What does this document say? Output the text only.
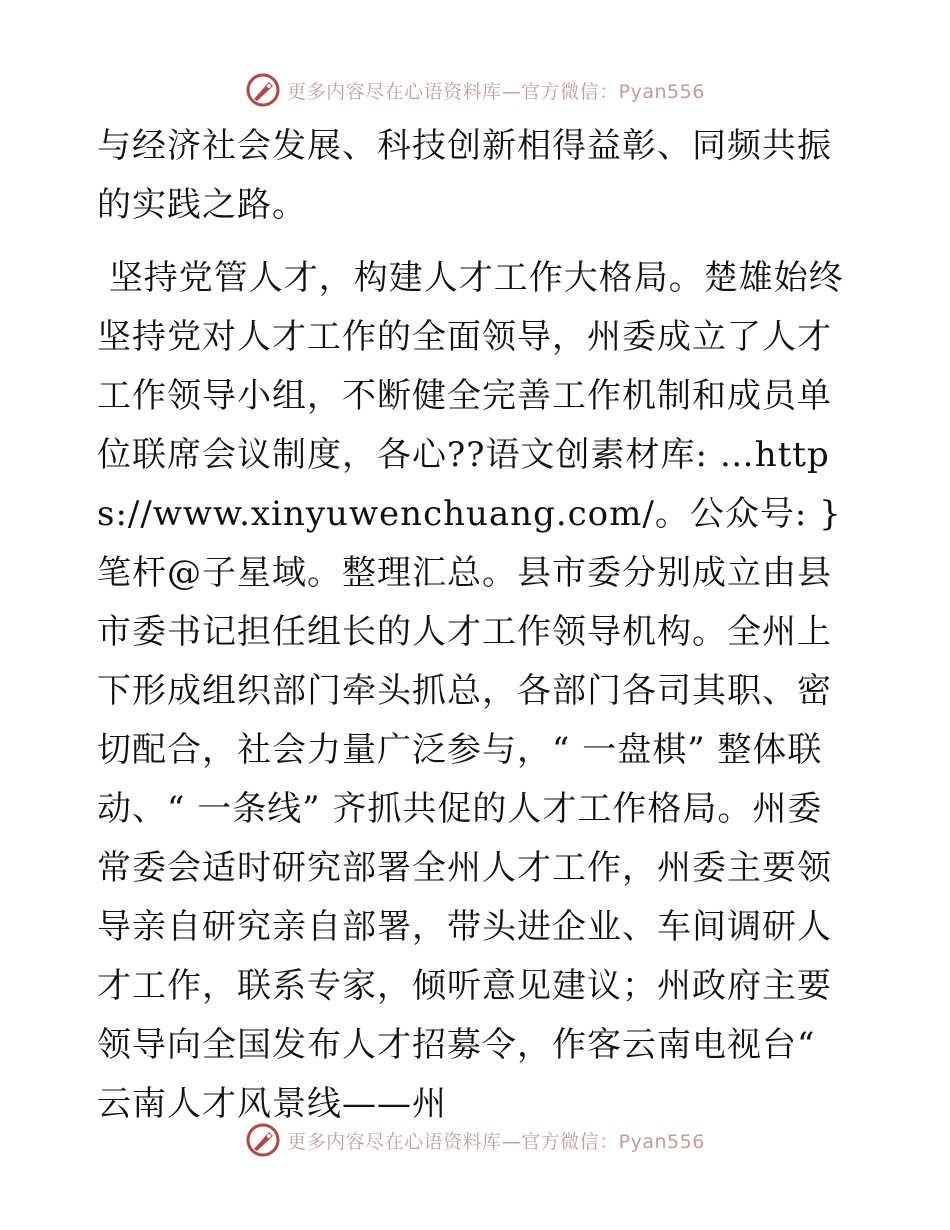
更多内容尽在心语资料库—官方微信：Pyan556

与经济社会发展、科技创新相得益彰、同频共振的实践之路。

坚持党管人才，构建人才工作大格局。楚雄始终坚持党对人才工作的全面领导，州委成立了人才工作领导小组，不断健全完善工作机制和成员单位联席会议制度，各心??语文创素材库: …https://www.xinyuwenchuang.com/。公众号: }笔杆@子星域。整理汇总。县市委分别成立由县市委书记担任组长的人才工作领导机构。全州上下形成组织部门牵头抓总，各部门各司其职、密切配合，社会力量广泛参与，“ 一盘棋” 整体联动、“ 一条线” 齐抓共促的人才工作格局。州委常委会适时研究部署全州人才工作，州委主要领导亲自研究亲自部署，带头进企业、车间调研人才工作，联系专家，倾听意见建议；州政府主要领导向全国发布人才招募令，作客云南电视台“ 云南人才风景线——州

更多内容尽在心语资料库—官方微信：Pyan556
